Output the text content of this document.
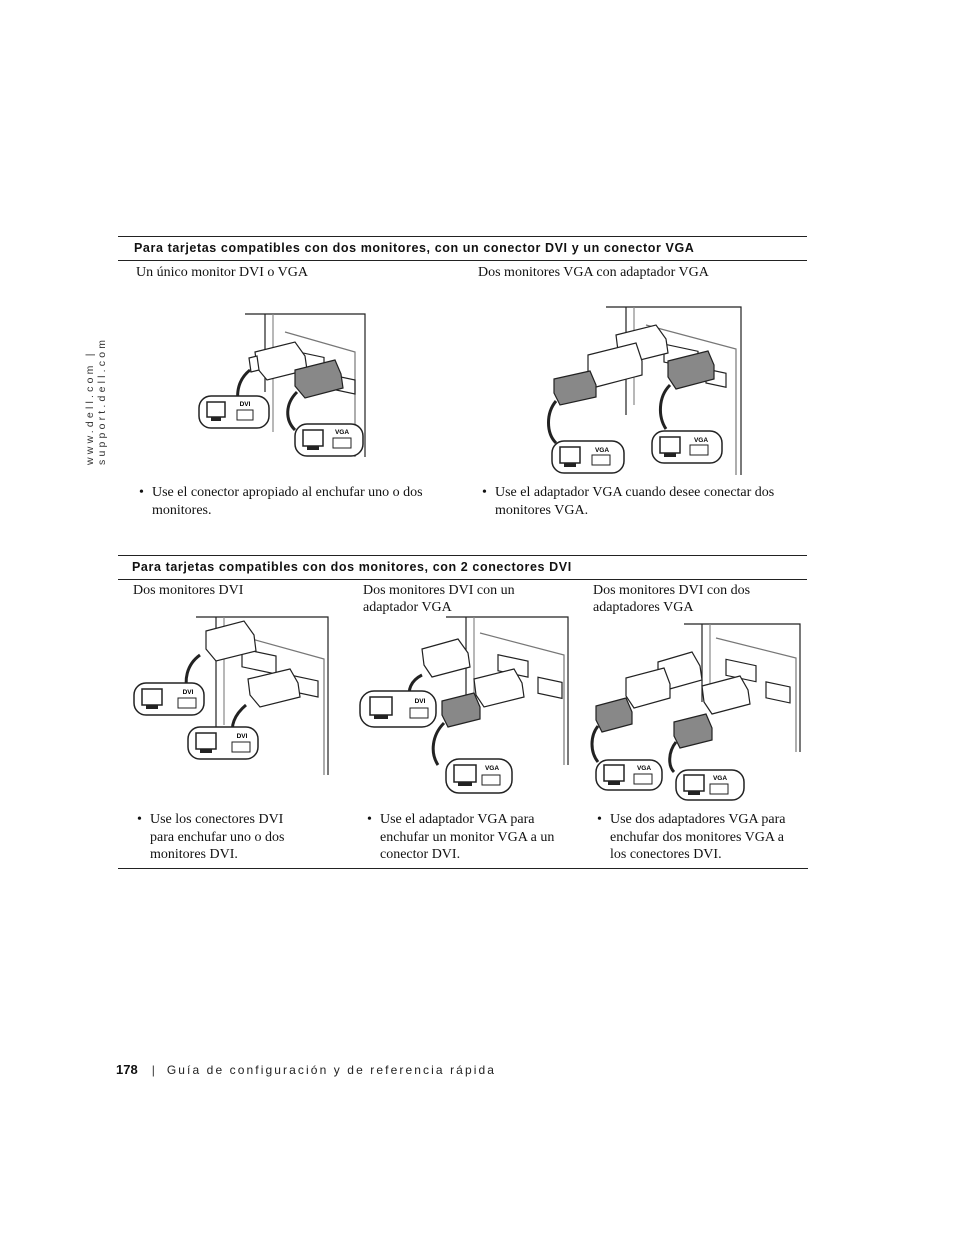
www.dell.com | support.dell.com
Para tarjetas compatibles con dos monitores, con un conector DVI y un conector VGA
Un único monitor DVI o VGA	Dos monitores VGA con adaptador VGA
DVI
VGA
VGA
VGA
• Use el conector apropiado al enchufar uno o dos monitores.
• Use el adaptador VGA cuando desee conectar dos monitores VGA.
Para tarjetas compatibles con dos monitores, con 2 conectores DVI
Dos monitores DVI	Dos monitores DVI con un adaptador VGA
Dos monitores DVI con dos adaptadores VGA
DVI
DVI
DVI
VGA	VGA
VGA
• Use los conectores DVI para enchufar uno o dos monitores DVI.
• Use el adaptador VGA para enchufar un monitor VGA a un conector DVI.
• Use dos adaptadores VGA para enchufar dos monitores VGA a los conectores DVI.
178 | Guía de configuración y de referencia rápida
